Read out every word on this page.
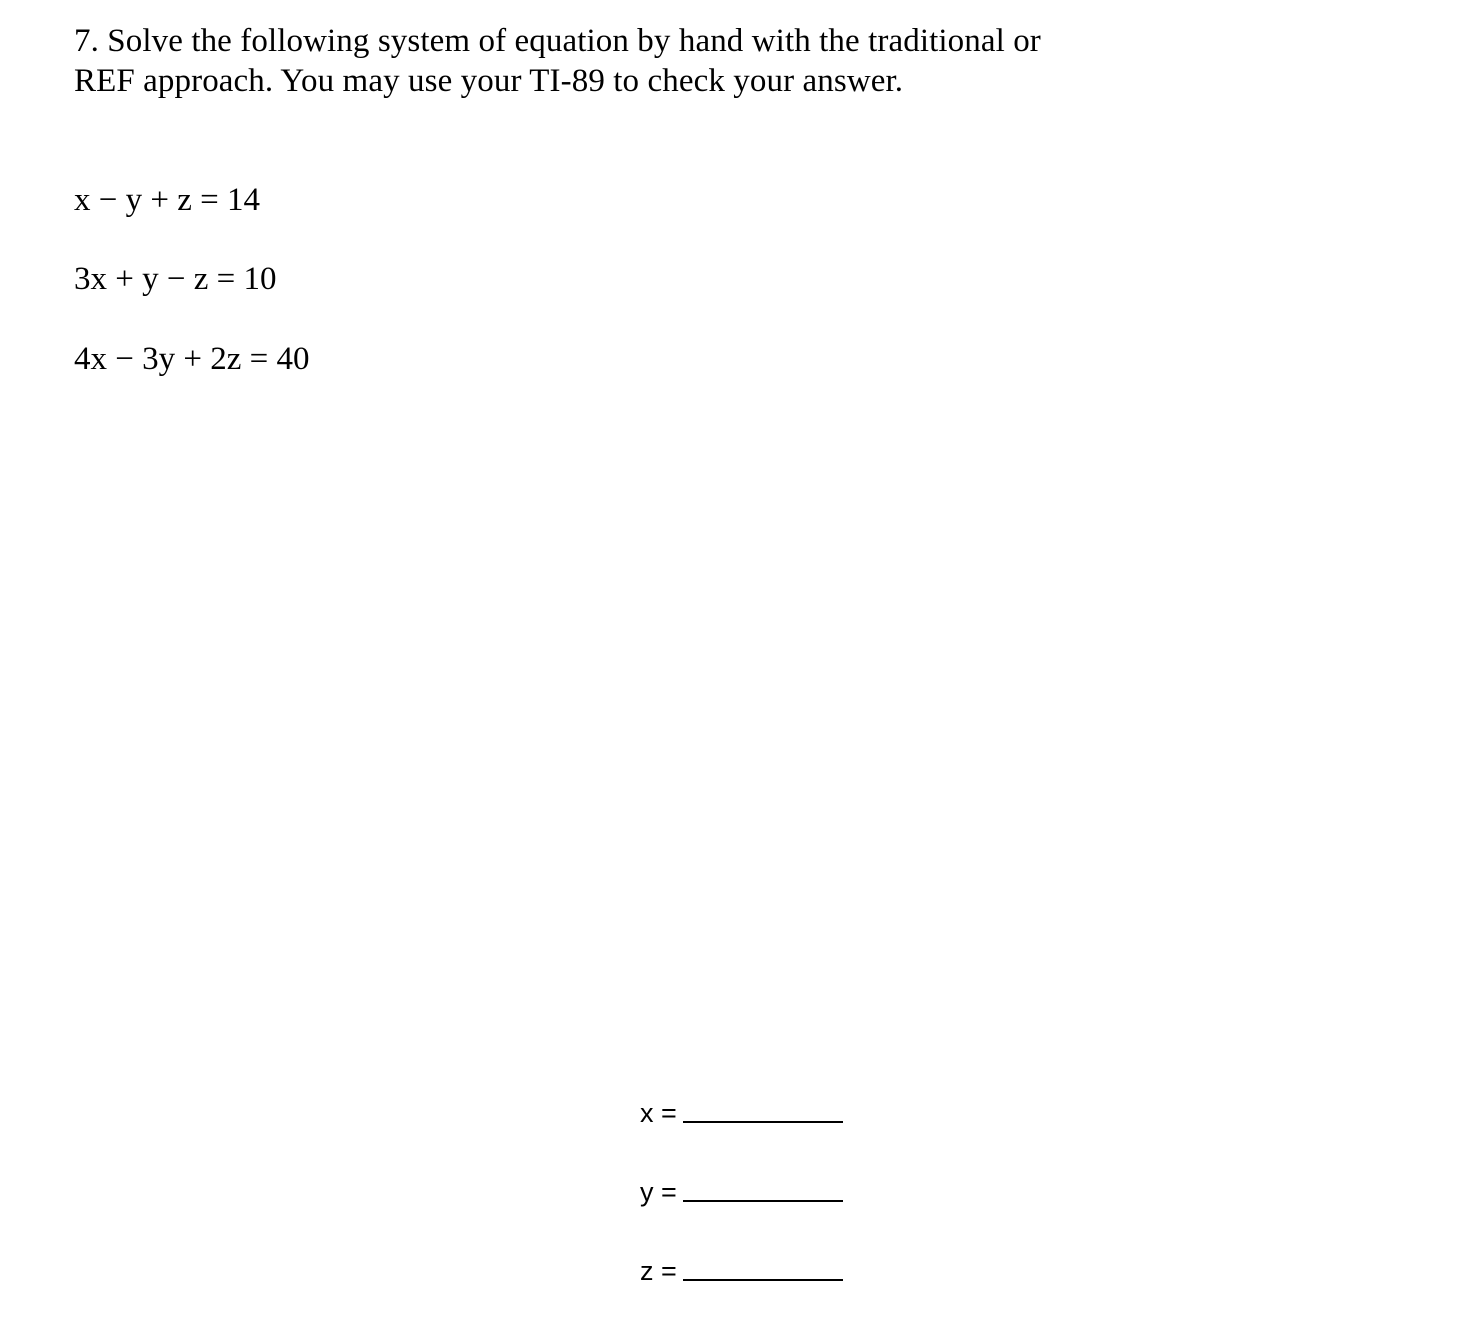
7. Solve the following system of equation by hand with the traditional or REF approach. You may use your TI-89 to check your answer.
x − y + z = 14
3x + y − z = 10
4x − 3y + 2z = 40
x =
y =
z =
